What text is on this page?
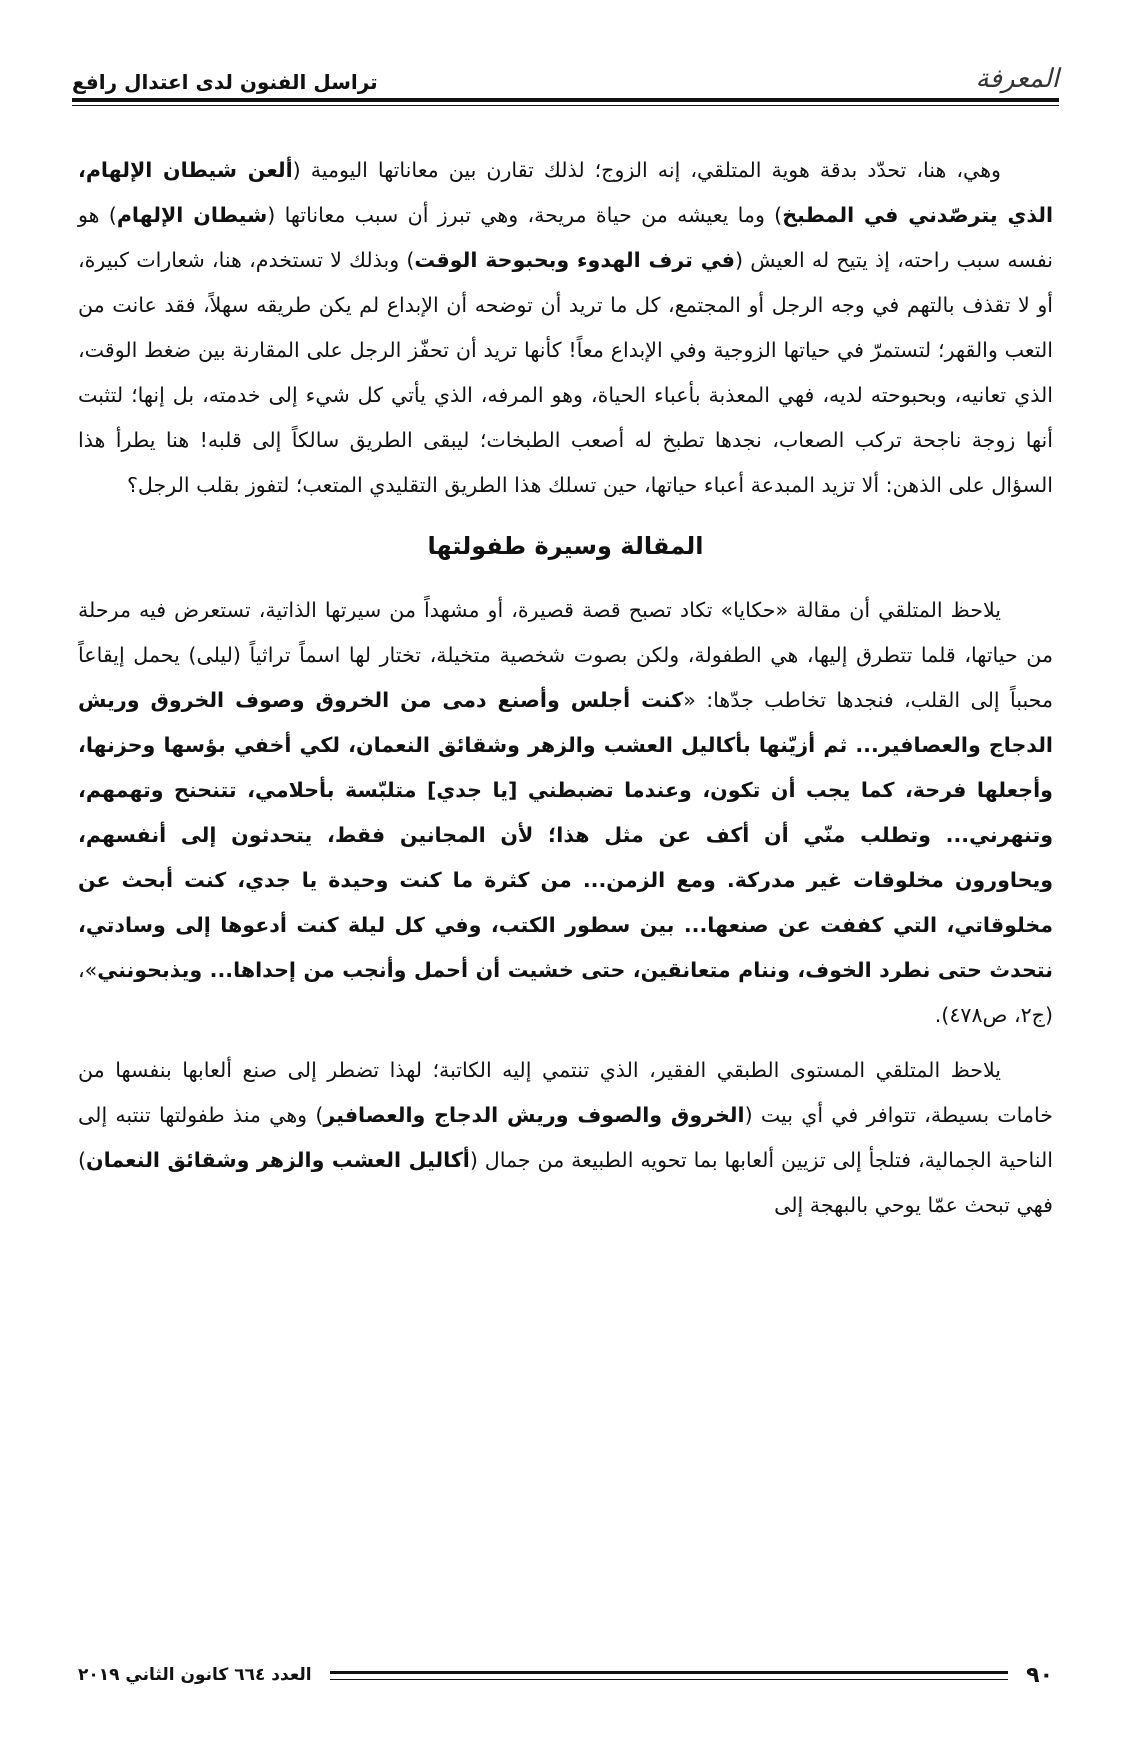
المعرفة
تراسل الفنون لدى اعتدال رافع

وهي، هنا، تحدّد بدقة هوية المتلقي، إنه الزوج؛ لذلك تقارن بين معاناتها اليومية (ألعن شيطان الإلهام، الذي يترصّدني في المطبخ) وما يعيشه من حياة مريحة، وهي تبرز أن سبب معاناتها (شيطان الإلهام) هو نفسه سبب راحته، إذ يتيح له العيش (في ترف الهدوء وبحبوحة الوقت) وبذلك لا تستخدم، هنا، شعارات كبيرة، أو لا تقذف بالتهم في وجه الرجل أو المجتمع، كل ما تريد أن توضحه أن الإبداع لم يكن طريقه سهلاً، فقد عانت من التعب والقهر؛ لتستمرّ في حياتها الزوجية وفي الإبداع معاً! كأنها تريد أن تحفّز الرجل على المقارنة بين ضغط الوقت، الذي تعانيه، وبحبوحته لديه، فهي المعذبة بأعباء الحياة، وهو المرفه، الذي يأتي كل شيء إلى خدمته، بل إنها؛ لتثبت أنها زوجة ناجحة تركب الصعاب، نجدها تطبخ له أصعب الطبخات؛ ليبقى الطريق سالكاً إلى قلبه! هنا يطرأ هذا السؤال على الذهن: ألا تزيد المبدعة أعباء حياتها، حين تسلك هذا الطريق التقليدي المتعب؛ لتفوز بقلب الرجل؟

المقالة وسيرة طفولتها

يلاحظ المتلقي أن مقالة «حكايا» تكاد تصبح قصة قصيرة، أو مشهداً من سيرتها الذاتية، تستعرض فيه مرحلة من حياتها، قلما تتطرق إليها، هي الطفولة، ولكن بصوت شخصية متخيلة، تختار لها اسماً تراثياً (ليلى) يحمل إيقاعاً محبباً إلى القلب، فنجدها تخاطب جدّها: «كنت أجلس وأصنع دمى من الخروق وصوف الخروق وريش الدجاج والعصافير... ثم أزيّنها بأكاليل العشب والزهر وشقائق النعمان، لكي أخفي بؤسها وحزنها، وأجعلها فرحة، كما يجب أن تكون، وعندما تضبطني [يا جدي] متلبّسة بأحلامي، تتنحنح وتهمهم، وتنهرني... وتطلب منّي أن أكف عن مثل هذا؛ لأن المجانين فقط، يتحدثون إلى أنفسهم، ويحاورون مخلوقات غير مدركة. ومع الزمن... من كثرة ما كنت وحيدة يا جدي، كنت أبحث عن مخلوقاتي، التي كففت عن صنعها... بين سطور الكتب، وفي كل ليلة كنت أدعوها إلى وسادتي، نتحدث حتى نطرد الخوف، وننام متعانقين، حتى خشيت أن أحمل وأنجب من إحداها... ويذبحونني»، (ج٢، ص٤٧٨).

يلاحظ المتلقي المستوى الطبقي الفقير، الذي تنتمي إليه الكاتبة؛ لهذا تضطر إلى صنع ألعابها بنفسها من خامات بسيطة، تتوافر في أي بيت (الخروق والصوف وريش الدجاج والعصافير) وهي منذ طفولتها تنتبه إلى الناحية الجمالية، فتلجأ إلى تزيين ألعابها بما تحويه الطبيعة من جمال (أكاليل العشب والزهر وشقائق النعمان) فهي تبحث عمّا يوحي بالبهجة إلى

٩٠
العدد ٦٦٤ كانون الثاني ٢٠١٩
